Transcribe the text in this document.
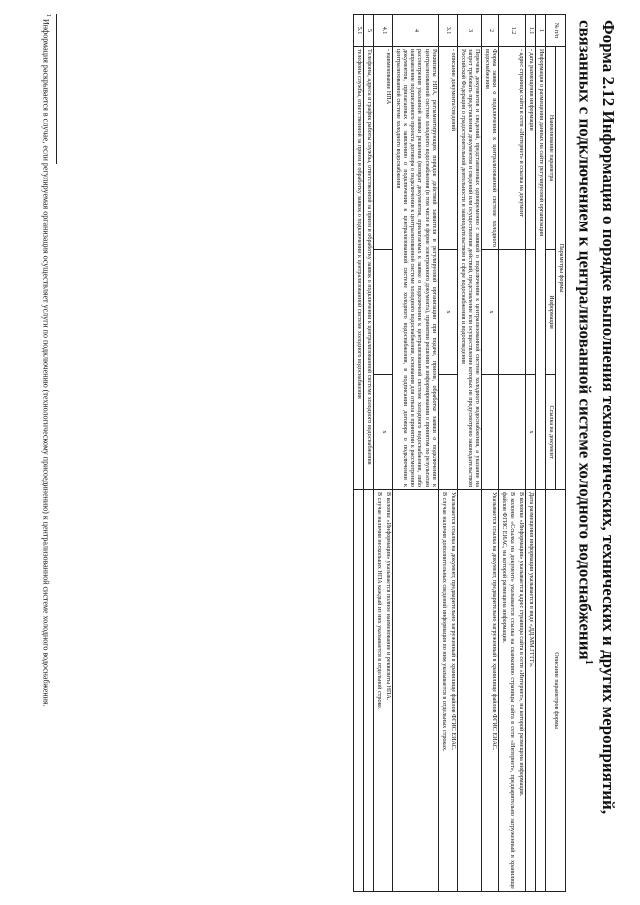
Форма 2.12 Информация о порядке выполнения технологических, технических и других мероприятий, связанных с подключением к централизованной системе холодного водоснабжения$^1$
№ п/п	Параметры формы			Описание параметров формы
	Наименование параметра	Информация	Ссылка на документ	
1	Информация о размещении данных на сайте регулируемой организации			
1.1	- дата размещения информации		x	Дата размещения информации указывается в виде «ДД.ММ.ГГГГ».

1.2	- адрес страницы сайта в сети «Интернет» и ссылка на документ			В колонке «Информация» указывается адрес страницы сайта в сети «Интернет», на которой размещена информация.

В колонке «Ссылка на документ» указывается ссылка на сканкопию страницы сайта в сети «Интернет», предварительно загруженный в хранилище файлов ФГИС ЕИАС, на которой размещена информация.

2	Форма заявки о подключении к централизованной системе холодного водоснабжения	x		Указывается ссылка на документ, предварительно загруженный в хранилище файлов ФГИС ЕИАС.

3	Перечень документов и сведений, представляемых одновременно с заявкой о подключении к централизованной системе холодного водоснабжения, а указание на запрет требовать представления документов и сведений или осуществления действий, представление или осуществление которых не предусмотрено законодательством Российской Федерации о градостроительной деятельности и законодательством в сфере водоснабжения и водоотведения			
3.1	- описание документа/сведений	x		Указывается ссылка на документ, предварительно загруженный в хранилище файлов ФГИС ЕИАС.

В случае наличия дополнительных сведений информация по ним указывается в отдельных строках.

4	Реквизиты НПА, регламентирующих порядок действий заявителя и регулируемой организации при подаче, приеме, обработке заявки о подключении к централизованной системе холодного водоснабжения (в том числе в форме электронного документа), принятии решения и информировании о принятом по результатам рассмотрения указанной заявки решении (возврат документов, прилагаемых к заявке о подключении к централизованной системе холодного водоснабжения, либо направление подписанного проекта договора о подключении к централизованной системе холодного водоснабжения, основания для отказа в принятии к рассмотрению документов, прилагаемых к заявлению о подключении к централизованной системе холодного водоснабжения, в подписании договора о подключении к централизованной системе холодного водоснабжения			
4.1	- наименование НПА		x	В колонке «Информация» указывается полное наименование и реквизиты НПА.

В случае наличия нескольких НПА каждый из них указывается в отдельной строке.

5	Телефоны, адреса и график работы службы, ответственной за прием и обработку заявок о подключении к централизованной системе холодного водоснабжения			
5.1	телефоны службы, ответственной за прием и обработку заявок о подключении к централизованной системе холодного водоснабжения			
$^1$ Информация раскрывается в случае, если регулируемая организация осуществляет услуги по подключению (технологическому присоединению) к централизованной системе холодного водоснабжения.
